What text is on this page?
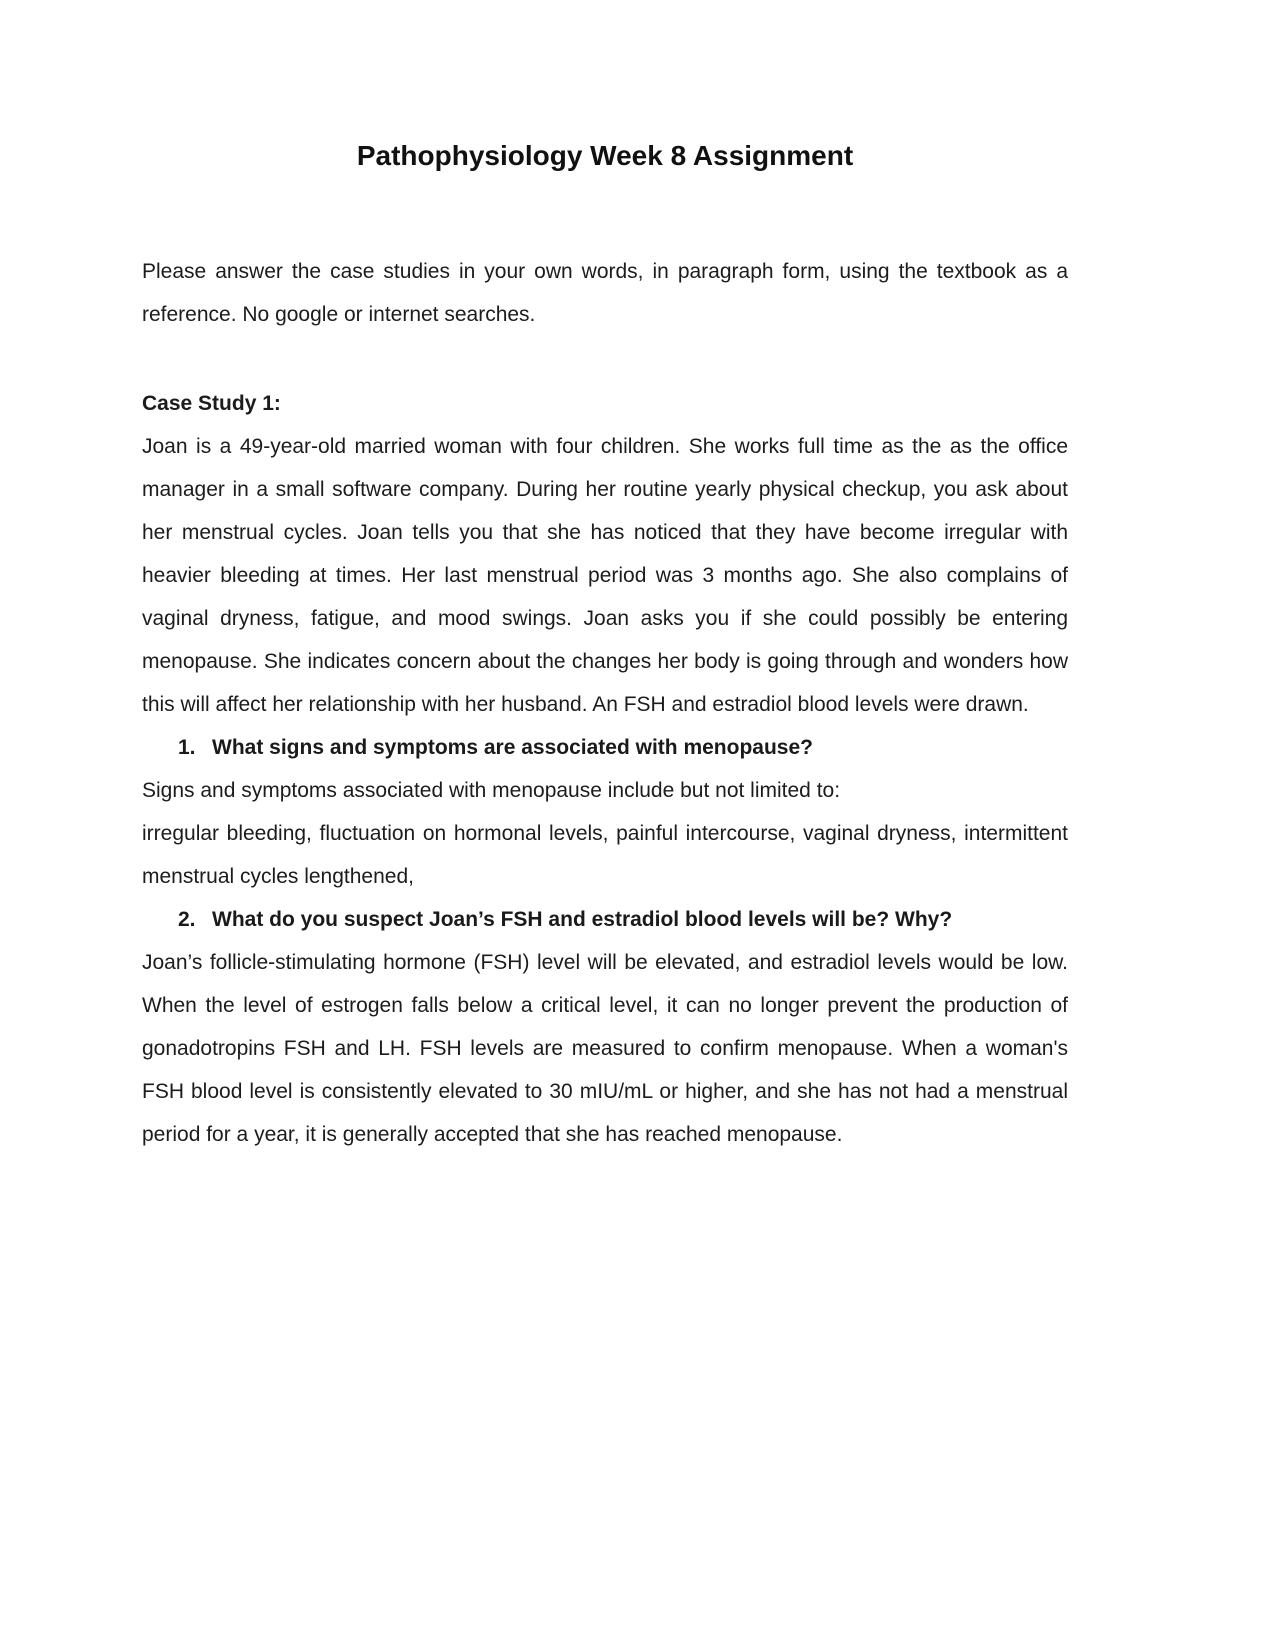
Pathophysiology Week 8 Assignment

Please answer the case studies in your own words, in paragraph form, using the textbook as a reference. No google or internet searches.

Case Study 1:

Joan is a 49-year-old married woman with four children. She works full time as the as the office manager in a small software company. During her routine yearly physical checkup, you ask about her menstrual cycles. Joan tells you that she has noticed that they have become irregular with heavier bleeding at times. Her last menstrual period was 3 months ago. She also complains of vaginal dryness, fatigue, and mood swings. Joan asks you if she could possibly be entering menopause. She indicates concern about the changes her body is going through and wonders how this will affect her relationship with her husband. An FSH and estradiol blood levels were drawn.

1. What signs and symptoms are associated with menopause?

Signs and symptoms associated with menopause include but not limited to:

irregular bleeding, fluctuation on hormonal levels, painful intercourse, vaginal dryness, intermittent menstrual cycles lengthened,

2. What do you suspect Joan’s FSH and estradiol blood levels will be? Why?

Joan’s follicle-stimulating hormone (FSH) level will be elevated, and estradiol levels would be low. When the level of estrogen falls below a critical level, it can no longer prevent the production of gonadotropins FSH and LH. FSH levels are measured to confirm menopause. When a woman's FSH blood level is consistently elevated to 30 mIU/mL or higher, and she has not had a menstrual period for a year, it is generally accepted that she has reached menopause.
